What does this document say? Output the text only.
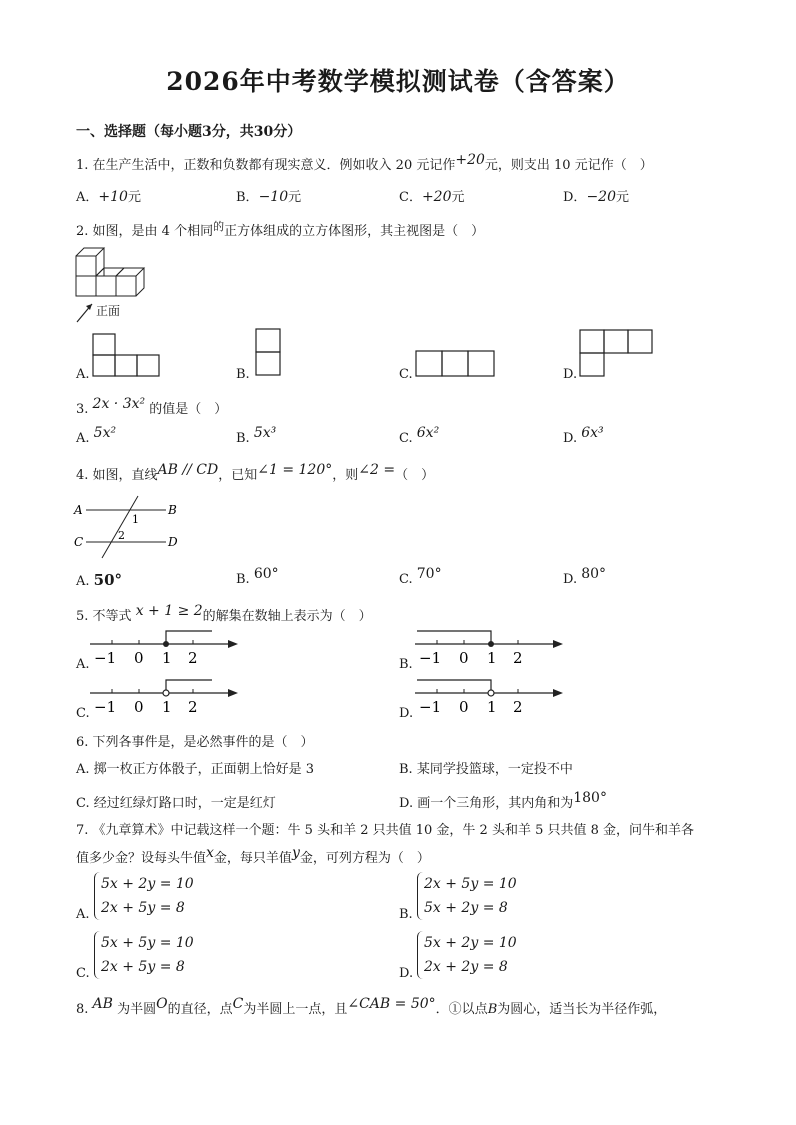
2026年中考数学模拟测试卷（含答案）
一、选择题（每小题3分，共30分）
1. 在生产生活中，正数和负数都有现实意义．例如收入 20 元记作+20元，则支出 10 元记作（　）
A．+10元	B．−10元	C．+20元	D．−20元
2. 如图，是由 4 个相同$^的$正方体组成的立方体图形，其主视图是（　）
正面
A.	B.	C.	D.
3. 2x · 3x² 的值是（　）
A. 5x²	B. 5x³	C. 6x²	D. 6x³
4. 如图，直线AB // CD，已知∠1 = 120°，则∠2 =（　）
A	B
C	D
1
2
A. 50°	B. 60°	C. 70°	D. 80°
5. 不等式 x + 1 ≥ 2的解集在数轴上表示为（　）
A. −1 0 1 2	B. −1 0 1 2
C. −1 0 1 2	D. −1 0 1 2
6. 下列各事件是，是必然事件的是（　）
A. 掷一枚正方体骰子，正面朝上恰好是 3	B. 某同学投篮球，一定投不中
C. 经过红绿灯路口时，一定是红灯	D. 画一个三角形，其内角和为180°
7. 《九章算术》中记载这样一个题：牛 5 头和羊 2 只共值 10 金，牛 2 头和羊 5 只共值 8 金，问牛和羊各
值多少金？设每头牛值x金，每只羊值y金，可列方程为（　）
A.
5x + 2y = 10
2x + 5y = 8	B.
2x + 5y = 10
5x + 2y = 8
C.
5x + 5y = 10
2x + 5y = 8	D.
5x + 2y = 10
2x + 2y = 8
8. AB 为半圆O的直径，点C为半圆上一点，且∠CAB = 50°．①以点B为圆心，适当长为半径作弧，
